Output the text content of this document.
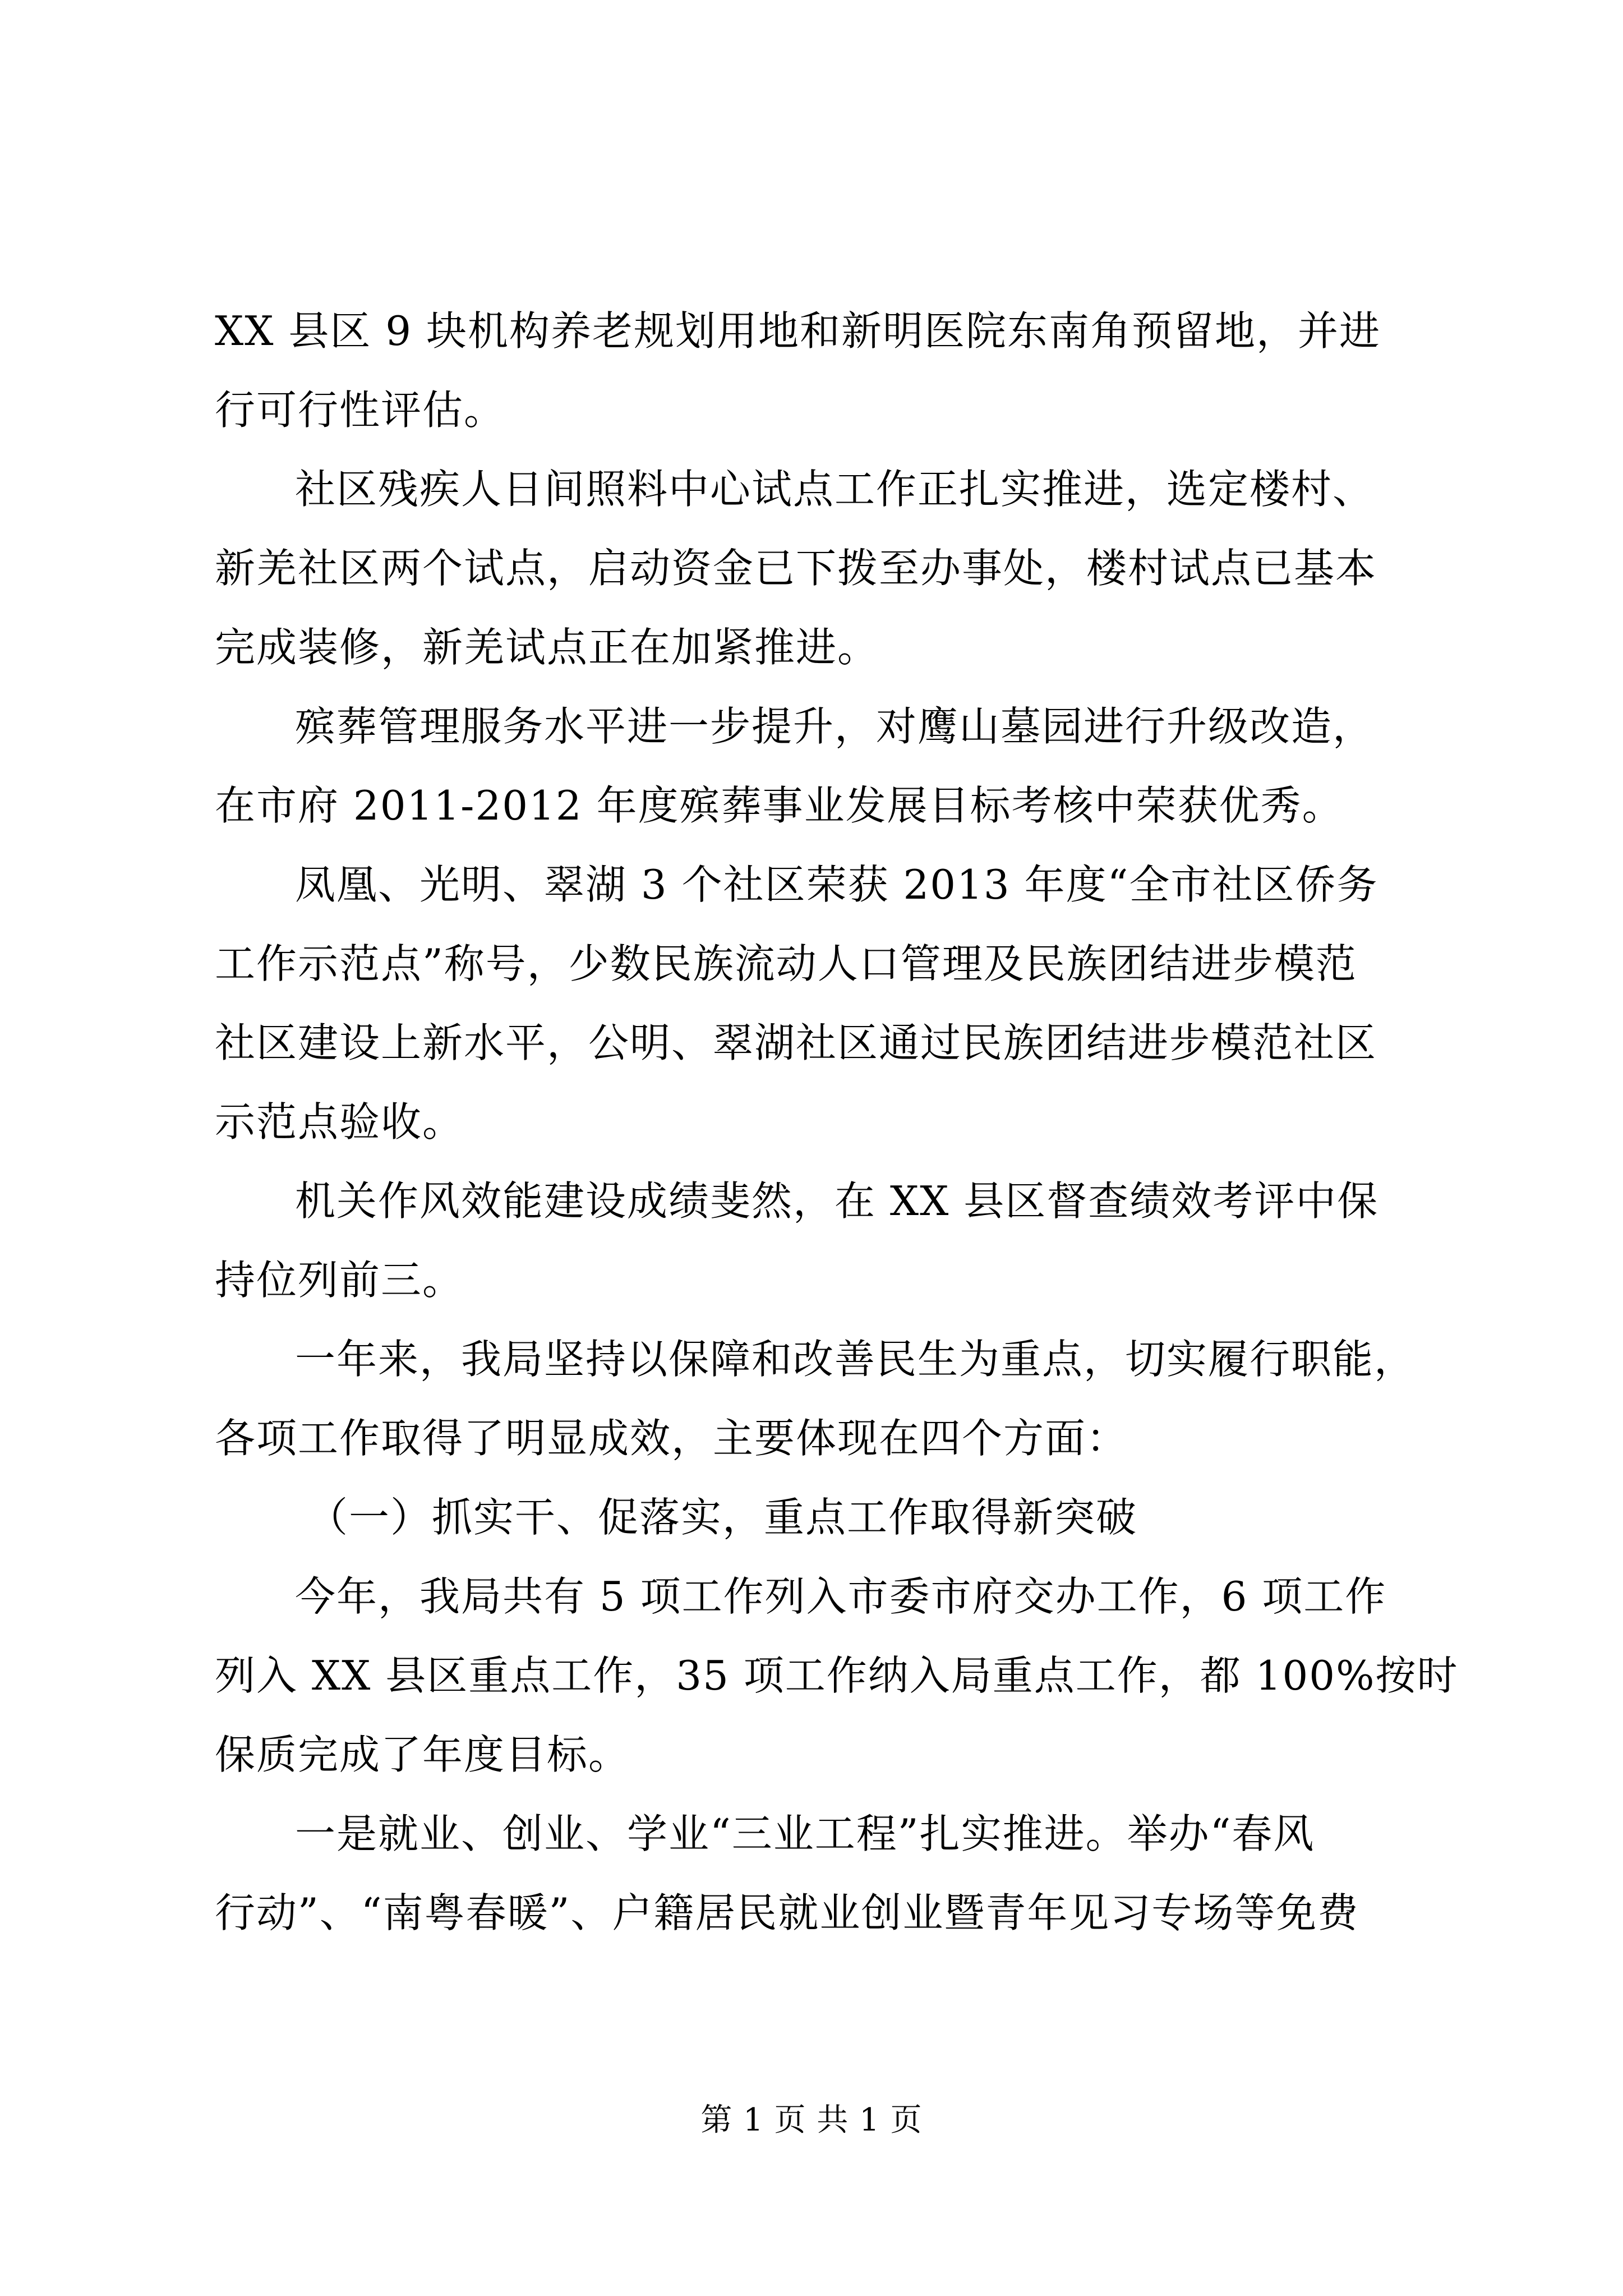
XX 县区 9 块机构养老规划用地和新明医院东南角预留地，并进
行可行性评估。
社区残疾人日间照料中心试点工作正扎实推进，选定楼村、
新羌社区两个试点，启动资金已下拨至办事处，楼村试点已基本
完成装修，新羌试点正在加紧推进。
殡葬管理服务水平进一步提升，对鹰山墓园进行升级改造，
在市府 2011-2012 年度殡葬事业发展目标考核中荣获优秀。
凤凰、光明、翠湖 3 个社区荣获 2013 年度“全市社区侨务
工作示范点”称号，少数民族流动人口管理及民族团结进步模范
社区建设上新水平，公明、翠湖社区通过民族团结进步模范社区
示范点验收。
机关作风效能建设成绩斐然，在 XX 县区督查绩效考评中保
持位列前三。
一年来，我局坚持以保障和改善民生为重点，切实履行职能，
各项工作取得了明显成效，主要体现在四个方面：
（一）抓实干、促落实，重点工作取得新突破
今年，我局共有 5 项工作列入市委市府交办工作，6 项工作
列入 XX 县区重点工作，35 项工作纳入局重点工作，都 100%按时
保质完成了年度目标。
一是就业、创业、学业“三业工程”扎实推进。举办“春风
行动”、“南粤春暖”、户籍居民就业创业暨青年见习专场等免费
第 1 页 共 1 页
